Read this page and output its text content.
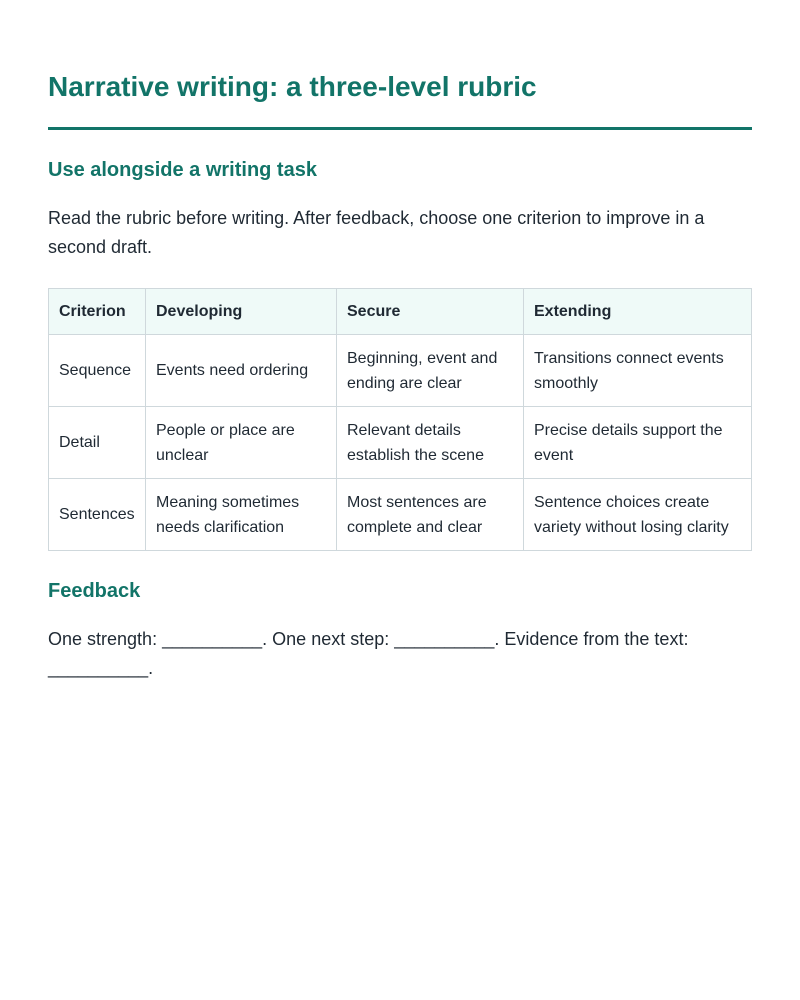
Narrative writing: a three-level rubric
Use alongside a writing task

Read the rubric before writing. After feedback, choose one criterion to improve in a second draft.

Criterion	Developing	Secure	Extending
Sequence	Events need ordering	Beginning, event and ending are clear	Transitions connect events smoothly
Detail	People or place are unclear	Relevant details establish the scene	Precise details support the event
Sentences	Meaning sometimes needs clarification	Most sentences are complete and clear	Sentence choices create variety without losing clarity
Feedback

One strength: __________. One next step: __________. Evidence from the text: __________.
